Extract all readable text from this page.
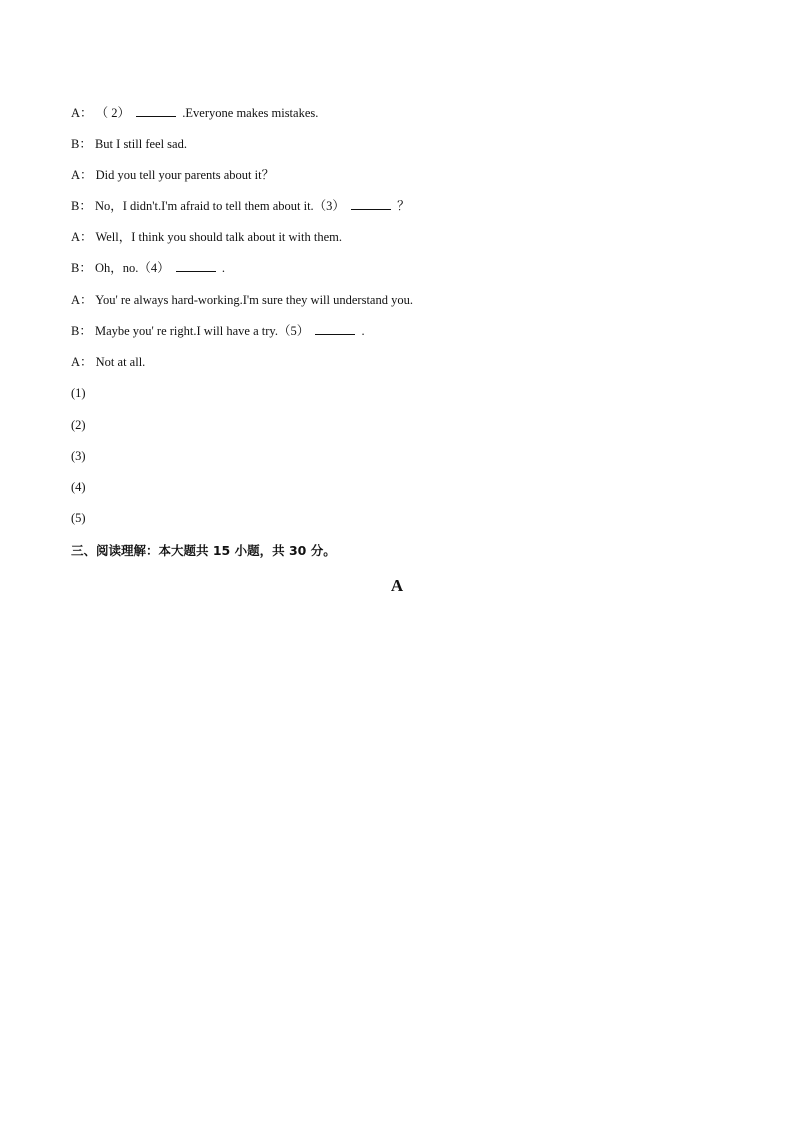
A： （ 2）	.Everyone makes mistakes.
B： But I still feel sad.
A： Did you tell your parents about it？
B： No，I didn't.I'm afraid to tell them about it.（3）	？
A： Well，I think you should talk about it with them.
B： Oh，no.（4）	.
A： You' re always hard-working.I'm sure they will understand you.
B： Maybe you' re right.I will have a try.（5）	.
A： Not at all.
(1)
(2)
(3)
(4)
(5)
三、阅读理解：本大题共 15 小题，共 30 分。
A
